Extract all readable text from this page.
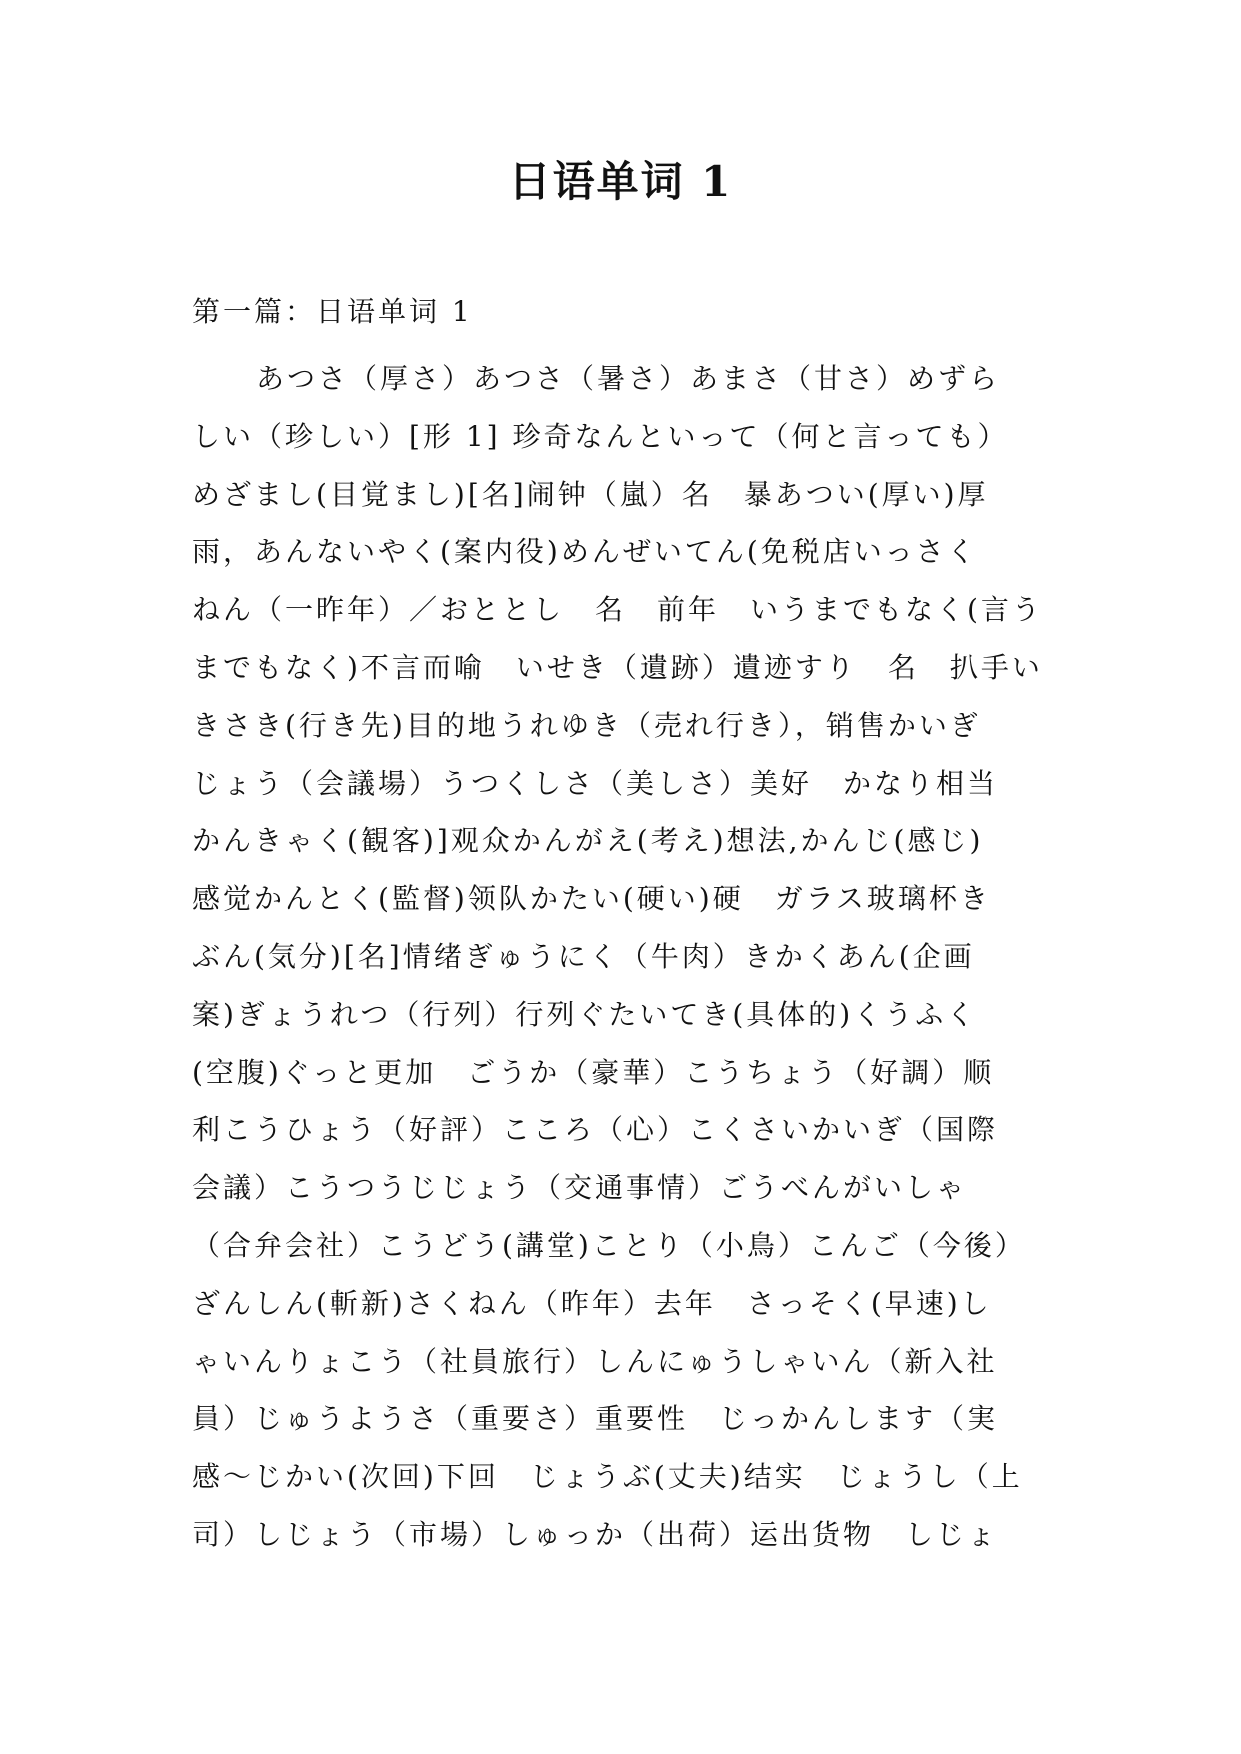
日语单词 1
第一篇：日语单词 1
あつさ（厚さ）あつさ（暑さ）あまさ（甘さ）めずら
しい（珍しい）[形 1] 珍奇なんといって（何と言っても）
めざまし(目覚まし)[名]闹钟（嵐）名　暴あつい(厚い)厚
雨，あんないやく(案内役)めんぜいてん(免税店いっさく
ねん（一昨年）／おととし　名　前年　いうまでもなく(言う
までもなく)不言而喻　いせき（遺跡）遺迹すり　名　扒手い
きさき(行き先)目的地うれゆき（売れ行き），销售かいぎ
じょう（会議場）うつくしさ（美しさ）美好　かなり相当
かんきゃく(観客)]观众かんがえ(考え)想法,かんじ(感じ)
感觉かんとく(監督)领队かたい(硬い)硬　ガラス玻璃杯き
ぶん(気分)[名]情绪ぎゅうにく（牛肉）きかくあん(企画
案)ぎょうれつ（行列）行列ぐたいてき(具体的)くうふく
(空腹)ぐっと更加　ごうか（豪華）こうちょう（好調）顺
利こうひょう（好評）こころ（心）こくさいかいぎ（国際
会議）こうつうじじょう（交通事情）ごうべんがいしゃ
（合弁会社）こうどう(講堂)ことり（小鳥）こんご（今後）
ざんしん(斬新)さくねん（昨年）去年　さっそく(早速)し
ゃいんりょこう（社員旅行）しんにゅうしゃいん（新入社
員）じゅうようさ（重要さ）重要性　じっかんします（実
感～じかい(次回)下回　じょうぶ(丈夫)结实　じょうし（上
司）しじょう（市場）しゅっか（出荷）运出货物　しじょ
